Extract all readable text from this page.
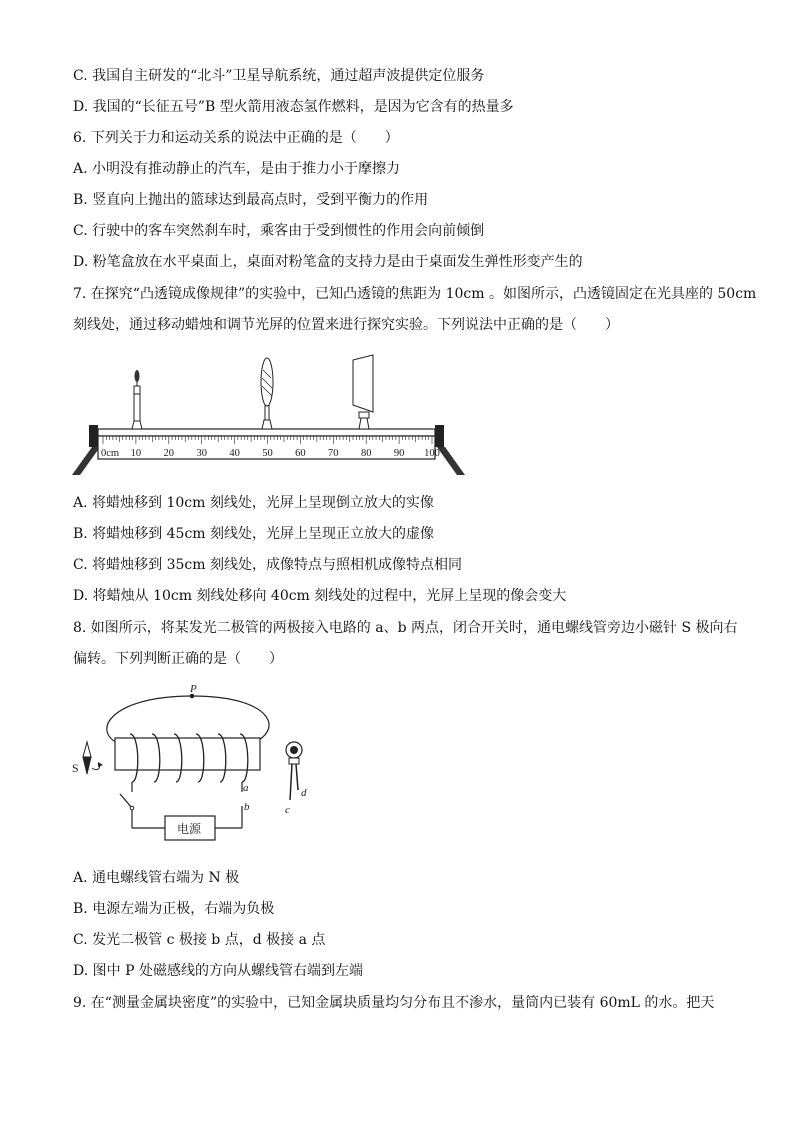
C. 我国自主研发的“北斗”卫星导航系统，通过超声波提供定位服务
D. 我国的“长征五号”B 型火箭用液态氢作燃料，是因为它含有的热量多
6. 下列关于力和运动关系的说法中正确的是（　　）
A. 小明没有推动静止的汽车，是由于推力小于摩擦力
B. 竖直向上抛出的篮球达到最高点时，受到平衡力的作用
C. 行驶中的客车突然刹车时，乘客由于受到惯性的作用会向前倾倒
D. 粉笔盒放在水平桌面上，桌面对粉笔盒的支持力是由于桌面发生弹性形变产生的
7. 在探究“凸透镜成像规律”的实验中，已知凸透镜的焦距为 10cm 。如图所示，凸透镜固定在光具座的 50cm
刻线处，通过移动蜡烛和调节光屏的位置来进行探究实验。下列说法中正确的是（　　）
0cm 10 20 30 40 50 60 70 80 90 100
A. 将蜡烛移到 10cm 刻线处，光屏上呈现倒立放大的实像
B. 将蜡烛移到 45cm 刻线处，光屏上呈现正立放大的虚像
C. 将蜡烛移到 35cm 刻线处，成像特点与照相机成像特点相同
D. 将蜡烛从 10cm 刻线处移向 40cm 刻线处的过程中，光屏上呈现的像会变大
8. 如图所示，将某发光二极管的两极接入电路的 a、b 两点，闭合开关时，通电螺线管旁边小磁针 S 极向右
偏转。下列判断正确的是（　　）
P
a
电源
b
S
c
d
A. 通电螺线管右端为 N 极
B. 电源左端为正极，右端为负极
C. 发光二极管 c 极接 b 点，d 极接 a 点
D. 图中 P 处磁感线的方向从螺线管右端到左端
9. 在“测量金属块密度”的实验中，已知金属块质量均匀分布且不渗水，量筒内已装有 60mL 的水。把天
